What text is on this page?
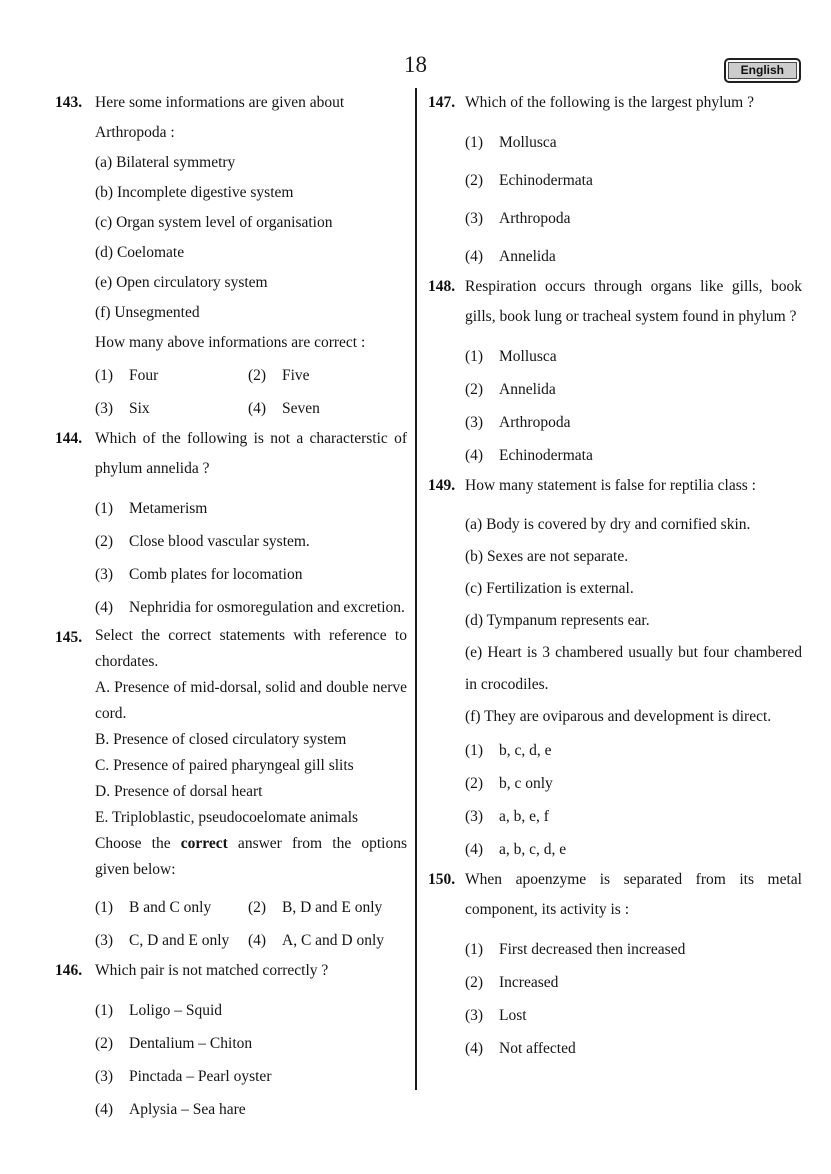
18	English
143. Here some informations are given about Arthropoda :

(a) Bilateral symmetry

(b) Incomplete digestive system

(c) Organ system level of organisation

(d) Coelomate

(e) Open circulatory system

(f) Unsegmented

How many above informations are correct :

(1)	Four	(2)	Five
(3)	Six	(4)	Seven
144. Which of the following is not a characterstic of phylum annelida ?

(1)	Metamerism
(2)	Close blood vascular system.
(3)	Comb plates for locomation
(4)	Nephridia for osmoregulation and excretion.
145. Select the correct statements with reference to chordates.

A. Presence of mid-dorsal, solid and double nerve cord.

B. Presence of closed circulatory system

C. Presence of paired pharyngeal gill slits

D. Presence of dorsal heart

E. Triploblastic, pseudocoelomate animals

Choose the correct answer from the options given below:

(1)	B and C only (2)	B, D and E only
(3)	C, D and E only (4)	A, C and D only
146. Which pair is not matched correctly ?

(1)	Loligo – Squid
(2)	Dentalium – Chiton
(3)	Pinctada – Pearl oyster
(4)	Aplysia – Sea hare
147. Which of the following is the largest phylum ?

(1)	Mollusca
(2)	Echinodermata
(3)	Arthropoda
(4)	Annelida
148. Respiration occurs through organs like gills, book gills, book lung or tracheal system found in phylum ?

(1)	Mollusca
(2)	Annelida
(3)	Arthropoda
(4)	Echinodermata
149. How many statement is false for reptilia class :

(a) Body is covered by dry and cornified skin.

(b) Sexes are not separate.

(c) Fertilization is external.

(d) Tympanum represents ear.

(e) Heart is 3 chambered usually but four chambered in crocodiles.

(f) They are oviparous and development is direct.

(1)	b, c, d, e
(2)	b, c only
(3)	a, b, e, f
(4)	a, b, c, d, e
150. When apoenzyme is separated from its metal component, its activity is :

(1)	First decreased then increased
(2)	Increased
(3)	Lost
(4)	Not affected
